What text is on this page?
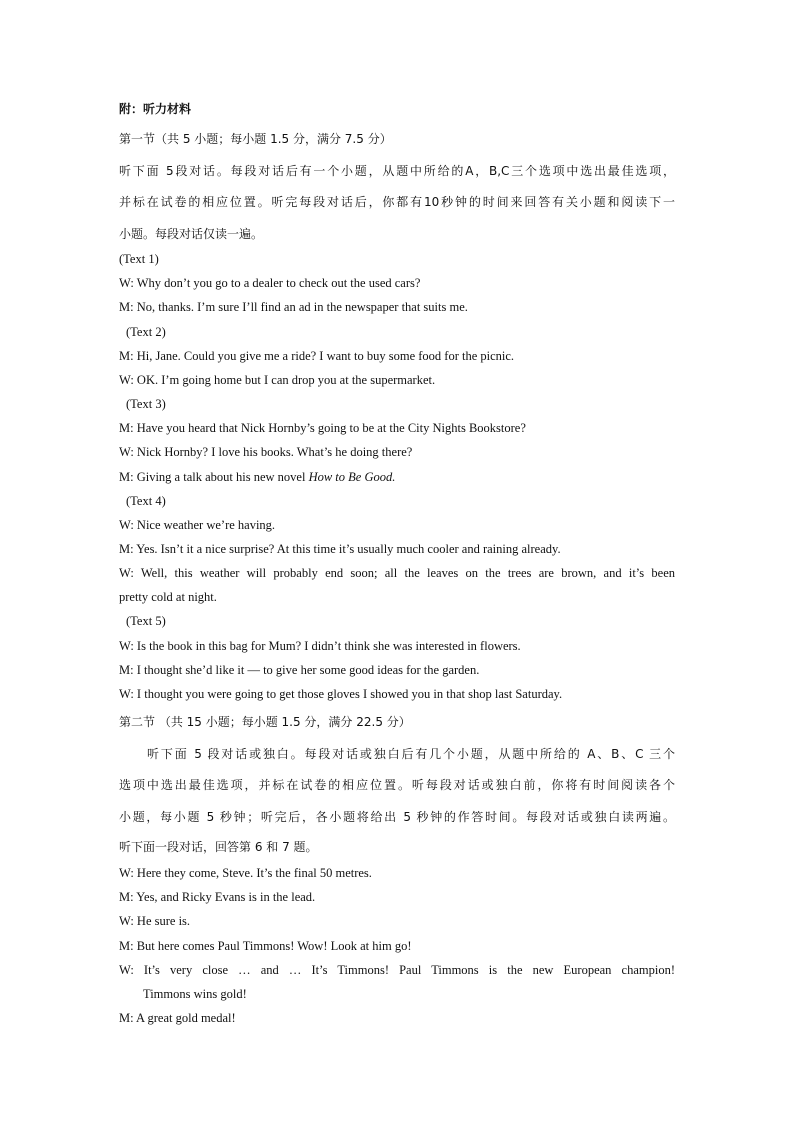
附：听力材料
第一节（共 5 小题；每小题 1.5 分，满分 7.5 分）
听下面 5段对话。每段对话后有一个小题，从题中所给的A，B,C三个选项中选出最佳选项，
并标在试卷的相应位置。听完每段对话后，你都有10秒钟的时间来回答有关小题和阅读下一
小题。每段对话仅读一遍。
(Text 1)
W: Why don’t you go to a dealer to check out the used cars?
M: No, thanks. I’m sure I’ll find an ad in the newspaper that suits me.
(Text 2)
M: Hi, Jane. Could you give me a ride? I want to buy some food for the picnic.
W: OK. I’m going home but I can drop you at the supermarket.
(Text 3)
M: Have you heard that Nick Hornby’s going to be at the City Nights Bookstore?
W: Nick Hornby? I love his books. What’s he doing there?
M: Giving a talk about his new novel How to Be Good.
(Text 4)
W: Nice weather we’re having.
M: Yes. Isn’t it a nice surprise? At this time it’s usually much cooler and raining already.
W: Well, this weather will probably end soon; all the leaves on the trees are brown, and it’s been
pretty cold at night.
(Text 5)
W: Is the book in this bag for Mum? I didn’t think she was interested in flowers.
M: I thought she’d like it — to give her some good ideas for the garden.
W: I thought you were going to get those gloves I showed you in that shop last Saturday.
第二节 （共 15 小题；每小题 1.5 分，满分 22.5 分）
听下面 5 段对话或独白。每段对话或独白后有几个小题，从题中所给的 A、B、C 三个
选项中选出最佳选项，并标在试卷的相应位置。听每段对话或独白前，你将有时间阅读各个
小题，每小题 5 秒钟；听完后，各小题将给出 5 秒钟的作答时间。每段对话或独白读两遍。
听下面一段对话，回答第 6 和 7 题。
W: Here they come, Steve. It’s the final 50 metres.
M: Yes, and Ricky Evans is in the lead.
W: He sure is.
M: But here comes Paul Timmons! Wow! Look at him go!
W: It’s very close … and … It’s Timmons! Paul Timmons is the new European champion!
Timmons wins gold!
M: A great gold medal!
